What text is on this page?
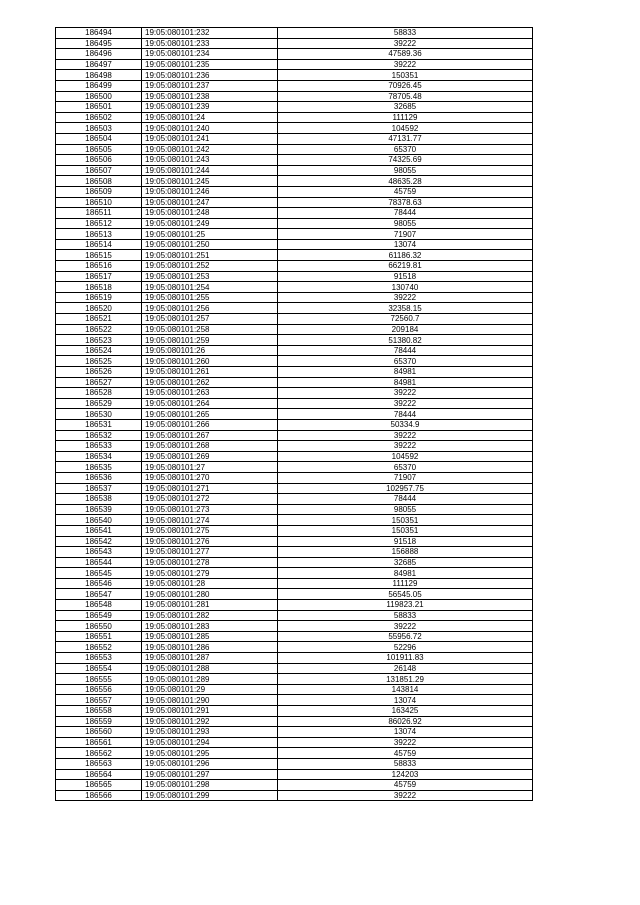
186494	19:05:080101:232	58833
186495	19:05:080101:233	39222
186496	19:05:080101:234	47589.36
186497	19:05:080101:235	39222
186498	19:05:080101:236	150351
186499	19:05:080101:237	70926.45
186500	19:05:080101:238	78705.48
186501	19:05:080101:239	32685
186502	19:05:080101:24	111129
186503	19:05:080101:240	104592
186504	19:05:080101:241	47131.77
186505	19:05:080101:242	65370
186506	19:05:080101:243	74325.69
186507	19:05:080101:244	98055
186508	19:05:080101:245	48635.28
186509	19:05:080101:246	45759
186510	19:05:080101:247	78378.63
186511	19:05:080101:248	78444
186512	19:05:080101:249	98055
186513	19:05:080101:25	71907
186514	19:05:080101:250	13074
186515	19:05:080101:251	61186.32
186516	19:05:080101:252	66219.81
186517	19:05:080101:253	91518
186518	19:05:080101:254	130740
186519	19:05:080101:255	39222
186520	19:05:080101:256	32358.15
186521	19:05:080101:257	72560.7
186522	19:05:080101:258	209184
186523	19:05:080101:259	51380.82
186524	19:05:080101:26	78444
186525	19:05:080101:260	65370
186526	19:05:080101:261	84981
186527	19:05:080101:262	84981
186528	19:05:080101:263	39222
186529	19:05:080101:264	39222
186530	19:05:080101:265	78444
186531	19:05:080101:266	50334.9
186532	19:05:080101:267	39222
186533	19:05:080101:268	39222
186534	19:05:080101:269	104592
186535	19:05:080101:27	65370
186536	19:05:080101:270	71907
186537	19:05:080101:271	102957.75
186538	19:05:080101:272	78444
186539	19:05:080101:273	98055
186540	19:05:080101:274	150351
186541	19:05:080101:275	150351
186542	19:05:080101:276	91518
186543	19:05:080101:277	156888
186544	19:05:080101:278	32685
186545	19:05:080101:279	84981
186546	19:05:080101:28	111129
186547	19:05:080101:280	56545.05
186548	19:05:080101:281	119823.21
186549	19:05:080101:282	58833
186550	19:05:080101:283	39222
186551	19:05:080101:285	55956.72
186552	19:05:080101:286	52296
186553	19:05:080101:287	101911.83
186554	19:05:080101:288	26148
186555	19:05:080101:289	131851.29
186556	19:05:080101:29	143814
186557	19:05:080101:290	13074
186558	19:05:080101:291	163425
186559	19:05:080101:292	86026.92
186560	19:05:080101:293	13074
186561	19:05:080101:294	39222
186562	19:05:080101:295	45759
186563	19:05:080101:296	58833
186564	19:05:080101:297	124203
186565	19:05:080101:298	45759
186566	19:05:080101:299	39222
